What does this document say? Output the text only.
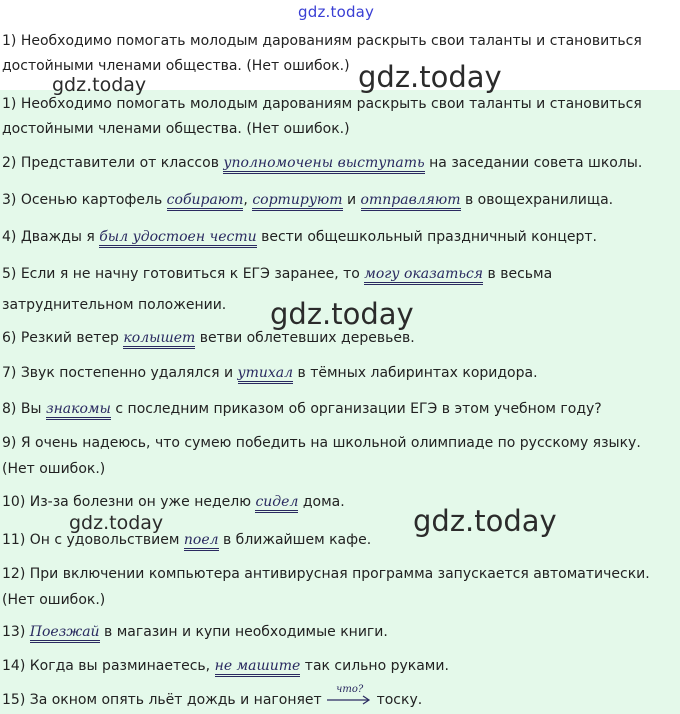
gdz.today
1) Необходимо помогать молодым дарованиям раскрыть свои таланты и становиться
достойными членами общества. (Нет ошибок.)
1) Необходимо помогать молодым дарованиям раскрыть свои таланты и становиться
достойными членами общества. (Нет ошибок.)
2) Представители от классов уполномочены выступать на заседании совета школы.
3) Осенью картофель собирают, сортируют и отправляют в овощехранилища.
4) Дважды я был удостоен чести вести общешкольный праздничный концерт.
5) Если я не начну готовиться к ЕГЭ заранее, то могу оказаться в весьма
затруднительном положении.
6) Резкий ветер колышет ветви облетевших деревьев.
7) Звук постепенно удалялся и утихал в тёмных лабиринтах коридора.
8) Вы знакомы с последним приказом об организации ЕГЭ в этом учебном году?
9) Я очень надеюсь, что сумею победить на школьной олимпиаде по русскому языку.
(Нет ошибок.)
10) Из-за болезни он уже неделю сидел дома.
11) Он с удовольствием поел в ближайшем кафе.
12) При включении компьютера антивирусная программа запускается автоматически.
(Нет ошибок.)
13) Поезжай в магазин и купи необходимые книги.
14) Когда вы разминаетесь, не машите так сильно руками.
15) За окном опять льёт дождь и нагоняет
что?
тоску.
gdz.today	gdz.today
gdz.today
gdz.today	gdz.today
